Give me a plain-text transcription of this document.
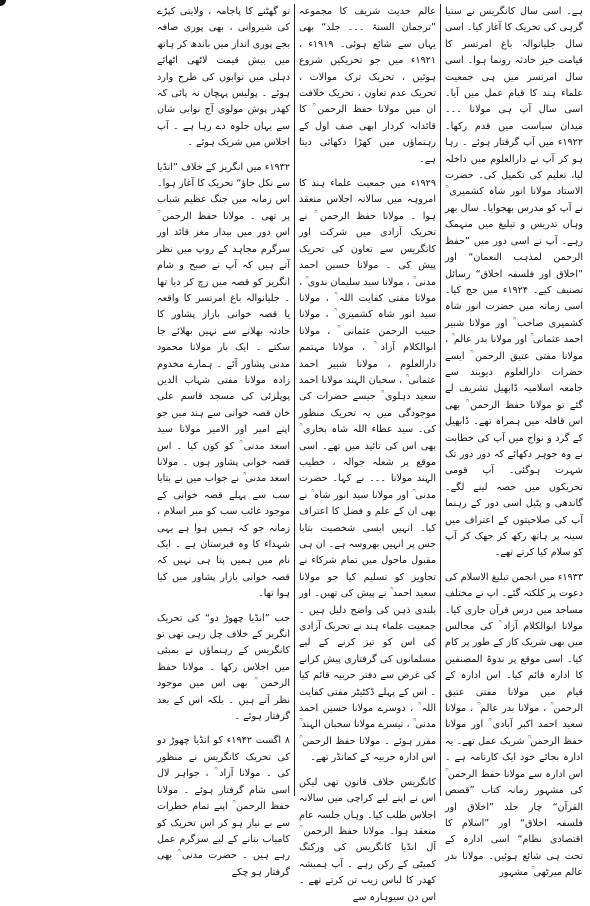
ہے۔ اسی سال کانگریس نے ستیا گرہی کی تحریک کا آغاز کیا۔ اسی سال جلیانوالہ باغ امرتسر کا قیامت خیز حادثہ رونما ہوا۔ اسی سال امرتسر میں ہی جمعیت علماء ہند کا قیام عمل میں آیا۔ اسی سال آپ ہی مولانا ۔۔۔ میدان سیاست میں قدم رکھا۔ ۱۹۲۲ء میں آپ گرفتار ہوئے ۔ رہا ہو کر آپ نے دارالعلوم میں داخلہ لیا، تعلیم کی تکمیل کی۔ حضرت الاستاد مولانا انور شاہ کشمیری ؒ نے آپ کو مدرس بھجوایا۔ سال بھر وہاں تدریس و تبلیغ میں منہمک رہے۔ آپ نے اسی دور میں ”حفظ الرحمن لمذہب النعمان“ اور ”اخلاق اور فلسفہ اخلاق“ رسائل تصنیف کیے۔ ۱۹۲۴ء میں حج کیا۔ اسی زمانہ میں حضرت انور شاہ کشمیری صاحب ؒ اور مولانا شبیر احمد عثمانی ؒ اور مولانا بدر عالم ؒ ، مولانا مفتی عتیق الرحمن ؒ ایسے حضرات دارالعلوم دیوبند سے جامعہ اسلامیہ ڈابھیل تشریف لے گئے تو مولانا حفظ الرحمن ؒ بھی اس قافلہ میں ہمراہ تھے۔ ڈابھیل کے گرد و نواح میں آپ کی خطابت نے وہ جوہر دکھائے کہ دور دور تک شہرت ہوگئی۔ آپ قومی تحریکوں میں حصہ لینے لگے۔ گاندھی و پٹیل اسی دور کے رہنما آپ کی صلاحیتوں کے اعتراف میں سینہ پر ہاتھ رکھ کر جھک کر آپ کو سلام کیا کرتے تھے۔

۱۹۳۳ء میں انجمن تبلیغ الاسلام کی دعوت پر کلکتہ گئے۔ اپ نے مختلف مساجد میں درس قرآن جاری کیا۔ مولانا ابوالکلام آزاد ؒ کی مجالس میں بھی شریک کار کے طور پر کام کیا۔ اسی موقع پر ندوۃ المصنفین کا ادارہ قائم کیا۔ اس ادارہ کے قیام میں مولانا مفتی عتیق الرحمن ؒ ، مولانا بدر عالم ؒ ، مولانا سعید احمد اکبر آبادی ؒ اور مولانا حفظ الرحمن ؒ شریک عمل تھے۔ یہ ادارہ بجائے خود ایک کارنامہ ہے ۔ اس ادارہ سے مولانا حفظ الرحمن ؒ کی مشہور زمانہ کتاب ”قصص القرآن“ چار جلد ”اخلاق اور فلسفہ اخلاق“ اور ”اسلام کا اقتصادی نظام“ اسی ادارہ کے تحت ہی شائع ہوئیں۔ مولانا بدر عالم میرٹھی ؒ مشہور

عالم حدیث شریف کا مجموعہ ”ترجمان السنۃ ۔۔۔ جلد“ بھی یہاں سے شائع ہوئی۔ ۱۹۱۹ء ، ۱۹۲۱ء میں جو تحریکیں شروع ہوئیں ، تحریک ترک موالات ، تحریک عدم تعاون ، تحریک خلافت ان میں مولانا حفظ الرحمن ؒ کا قائدانہ کردار ابھی صف اول کے رہنماؤں میں کھڑا دکھائی دیتا ہے۔

۱۹۲۹ء میں جمعیت علماء ہند کا امروہہ میں سالانہ اجلاس منعقد ہوا ۔ مولانا حفظ الرحمن ؒ نے تحریک آزادی میں شرکت اور کانگریس سے تعاون کی تحریک پیش کی ۔ مولانا حسین احمد مدنی ؒ ، مولانا سید سلیمان ندوی ؒ ، مولانا مفتی کفایت اللہ ؒ ، مولانا سید انور شاہ کشمیری ؒ ، مولانا حبیب الرحمن عثمانی ؒ ، مولانا ابوالکلام آزاد ؒ ، مولانا مہتمم دارالعلوم ، مولانا شبیر احمد عثمانی ؒ ، سحبان الہند مولانا احمد سعید دہلوی ؒ جیسے حضرات کی موجودگی میں یہ تحریک منظور کی۔ سید عطاء اللہ شاہ بخاری ؒ بھی اس کی تائید میں تھے۔ اسی موقع پر شعلہ جوالہ ، خطیب الہند مولانا ۔۔۔ نے کہا۔ حضرت مدنی ؒ اور مولانا سید انور شاہ ؒ نے بھی ان کے علم و فضل کا اعتراف کیا۔ انہیں ایسی شخصیت بتایا جس پر انہیں بھروسہ ہے۔ ان ہی مقبول ماحول میں تمام شرکاء نے تجاویز کو تسلیم کیا جو مولانا سعید احمد ؒ نے پیش کی تھیں۔ اور بلندی ذہن کی واضح دلیل ہیں ۔ جمعیت علماء ہند نے تحریک آزادی کی اس کو تیز کرنے کے لیے مسلمانوں کی گرفتاری پیش کرانے کی غرض سے دفتر حربیہ قائم کیا ۔ اس کے پہلے ڈکٹیٹر مفتی کفایت اللہ ؒ ، دوسرے مولانا حسین احمد مدنی ؒ ، تیسرے مولانا سحبان الہند ؒ مقرر ہوئے ۔ مولانا حفظ الرحمن ؒ اس ادارہ حربیہ کے کمانڈر تھے۔

کانگریس خلاف قانون تھی لیکن اس نے اپنے لیے کراچی میں سالانہ اجلاس طلب کیا۔ وہاں جلسہ عام منعقد ہوا۔ مولانا حفظ الرحمن ؒ آل انڈیا کانگریس کی ورکنگ کمیٹی کے رکن رہے ۔ آپ ہمیشہ کھدر کا لباس زیب تن کرتے تھے ۔ اس دن سیوہارہ سے

تو گھٹنے کا پاجامہ ، ولایتی کپڑے کی شیروانی ، بھی پوری صافہ بجے پوری انداز میں باندھ کر ہاتھ میں بیش قیمت لاٹھی اٹھائے دہلی میں نوابوں کی طرح وارد ہوئے ۔ پولیس پہچان نہ پائی کہ کھدر پوش مولوی آج نوابی شان سے یہاں جلوہ دے رہا ہے ۔ آپ اجلاس میں شریک ہوئے ۔

۱۹۳۲ء میں انگریز کے خلاف ”انڈیا سے نکل جاؤ“ تحریک کا آغاز ہوا۔ اس زمانہ میں جنگ عظیم شباب پر تھی ۔ مولانا حفظ الرحمن ؒ اس دور میں بیدار مغز قائد اور سرگرم مجاہد کے روپ میں نظر آتے ہیں کہ آپ نے صبح و شام انگریز کو قصہ میں زچ کر دیا تھا ۔ جلیانوالہ باغ امرتسر کا واقعہ یا قصہ خوانی بازار پشاور کا حادثہ بھلانے سے نہیں بھلائے جا سکتے ۔ ایک بار مولانا محمود مدنی پشاور آئے ۔ ہمارے مخدوم زادہ مولانا مفتی شہاب الدین پوپلزئی کی مسجد قاسم علی خان قصہ خوانی سے ہند میں جو اپنے امیر اور الامیر مولانا سید اسعد مدنی ؒ کو کون کیا ۔ اس قصہ خوانی پشاور ہوں ۔ مولانا اسعد مدنی ؒ نے جواب میں نے بتایا سب سے پہلے قصہ خوانی کے موجود غائب سب کو میر اسلام ، زمانہ جو کہ ہمیں ہوا ہے یہی شہداء کا وہ قبرستان ہے ۔ ایک نام میں ہمیں پتا ہی نہیں کہ قصہ خوانی بازار پشاور میں کیا ہوا تھا۔

جب ”انڈیا چھوڑ دو“ کی تحریک انگریز کے خلاف چل رہی تھی تو کانگریس کے رہنماؤں نے بمبئی میں اجلاس رکھا ۔ مولانا حفظ الرحمن ؒ بھی اس میں موجود نظر آتے ہیں ۔ بلکہ اس کے بعد گرفتار ہوئے ۔

۸ اگست ۱۹۴۲ء کو انڈیا چھوڑ دو کی تحریک کانگریس نے منظور کی ۔ مولانا آزاد ؒ ، جواہر لال اسی شام گرفتار ہوئے ۔ مولانا حفظ الرحمن ؒ اپنے تمام خطرات سے بے نیاز ہو کر اس تحریک کو کامیاب بنانے کے لیے سرگرم عمل رہے ہیں ۔ حضرت مدنی ؒ بھی گرفتار ہو چکے
